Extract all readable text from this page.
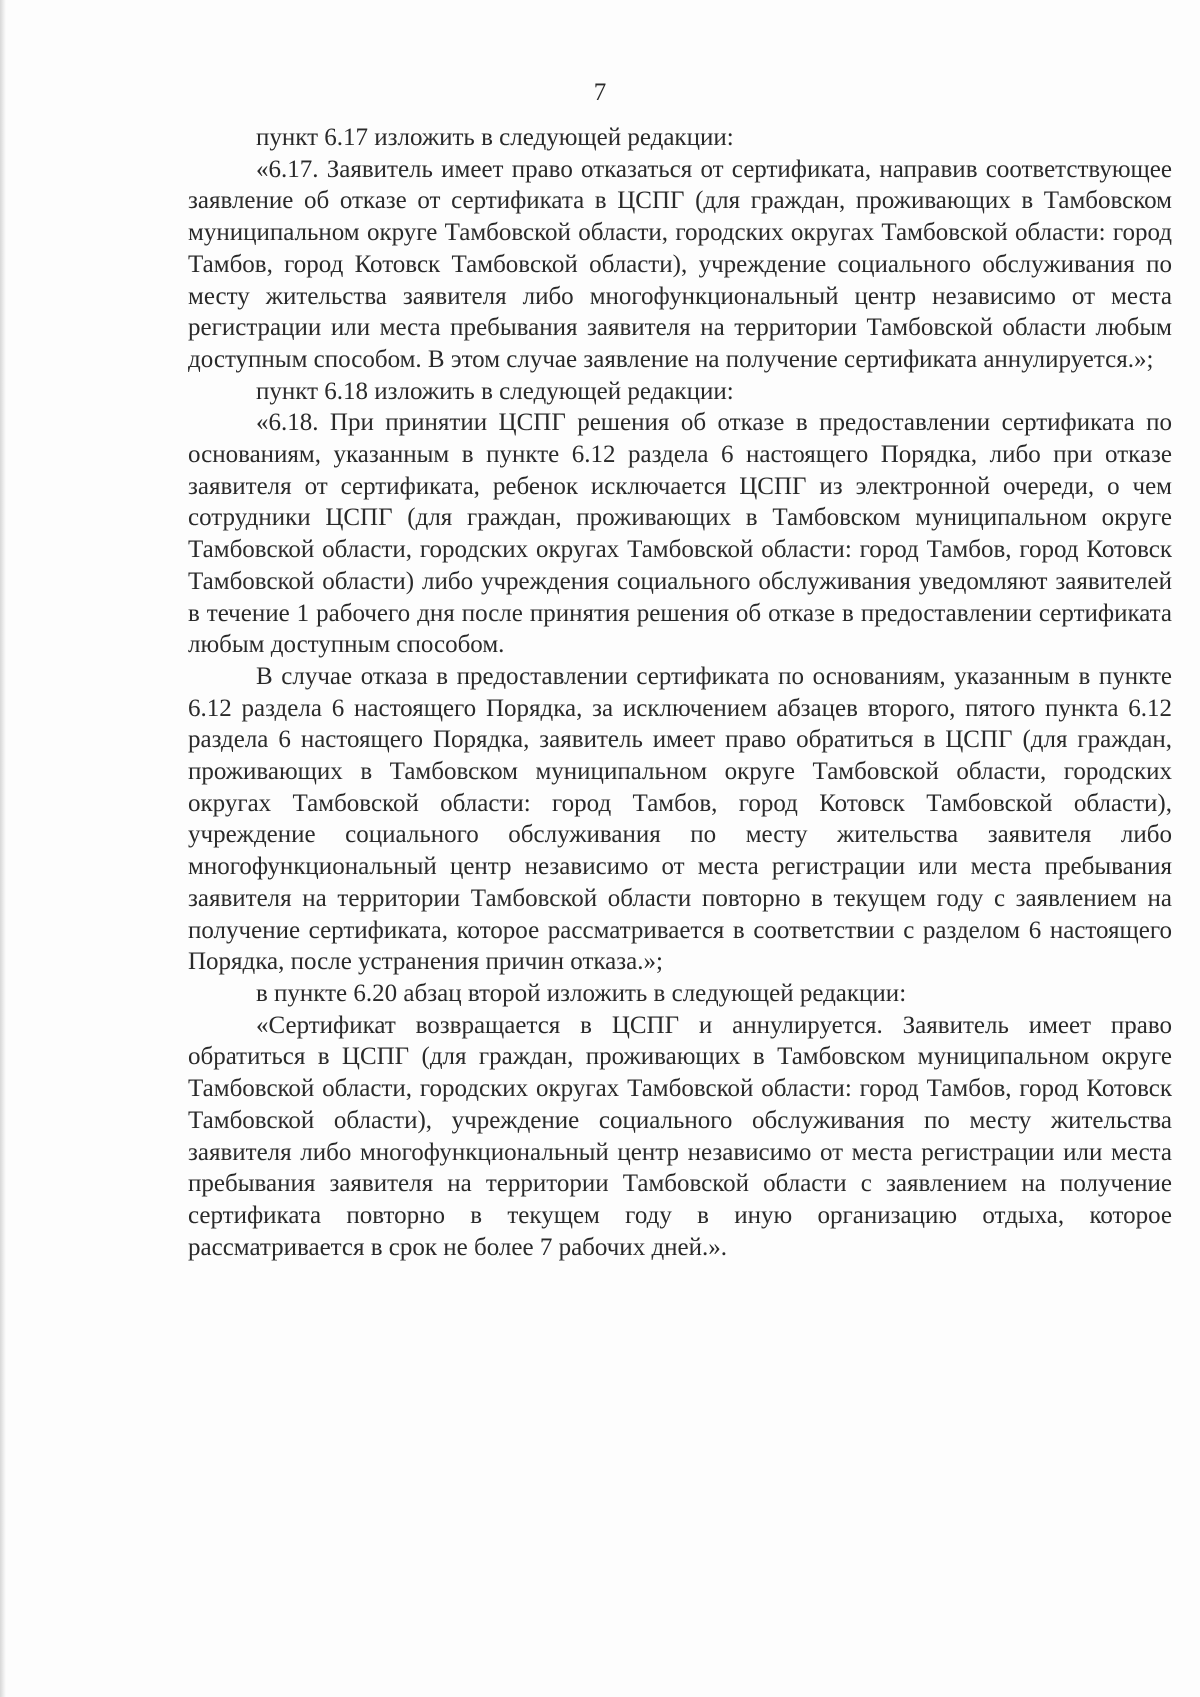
7

пункт 6.17 изложить в следующей редакции:

«6.17. Заявитель имеет право отказаться от сертификата, направив соответствующее заявление об отказе от сертификата в ЦСПГ (для граждан, проживающих в Тамбовском муниципальном округе Тамбовской области, городских округах Тамбовской области: город Тамбов, город Котовск Тамбовской области), учреждение социального обслуживания по месту жительства заявителя либо многофункциональный центр независимо от места регистрации или места пребывания заявителя на территории Тамбовской области любым доступным способом. В этом случае заявление на получение сертификата аннулируется.»;

пункт 6.18 изложить в следующей редакции:

«6.18. При принятии ЦСПГ решения об отказе в предоставлении сертификата по основаниям, указанным в пункте 6.12 раздела 6 настоящего Порядка, либо при отказе заявителя от сертификата, ребенок исключается ЦСПГ из электронной очереди, о чем сотрудники ЦСПГ (для граждан, проживающих в Тамбовском муниципальном округе Тамбовской области, городских округах Тамбовской области: город Тамбов, город Котовск Тамбовской области) либо учреждения социального обслуживания уведомляют заявителей в течение 1 рабочего дня после принятия решения об отказе в предоставлении сертификата любым доступным способом.

В случае отказа в предоставлении сертификата по основаниям, указанным в пункте 6.12 раздела 6 настоящего Порядка, за исключением абзацев второго, пятого пункта 6.12 раздела 6 настоящего Порядка, заявитель имеет право обратиться в ЦСПГ (для граждан, проживающих в Тамбовском муниципальном округе Тамбовской области, городских округах Тамбовской области: город Тамбов, город Котовск Тамбовской области), учреждение социального обслуживания по месту жительства заявителя либо многофункциональный центр независимо от места регистрации или места пребывания заявителя на территории Тамбовской области повторно в текущем году с заявлением на получение сертификата, которое рассматривается в соответствии с разделом 6 настоящего Порядка, после устранения причин отказа.»;

в пункте 6.20 абзац второй изложить в следующей редакции:

«Сертификат возвращается в ЦСПГ и аннулируется. Заявитель имеет право обратиться в ЦСПГ (для граждан, проживающих в Тамбовском муниципальном округе Тамбовской области, городских округах Тамбовской области: город Тамбов, город Котовск Тамбовской области), учреждение социального обслуживания по месту жительства заявителя либо многофункциональный центр независимо от места регистрации или места пребывания заявителя на территории Тамбовской области с заявлением на получение сертификата повторно в текущем году в иную организацию отдыха, которое рассматривается в срок не более 7 рабочих дней.».
